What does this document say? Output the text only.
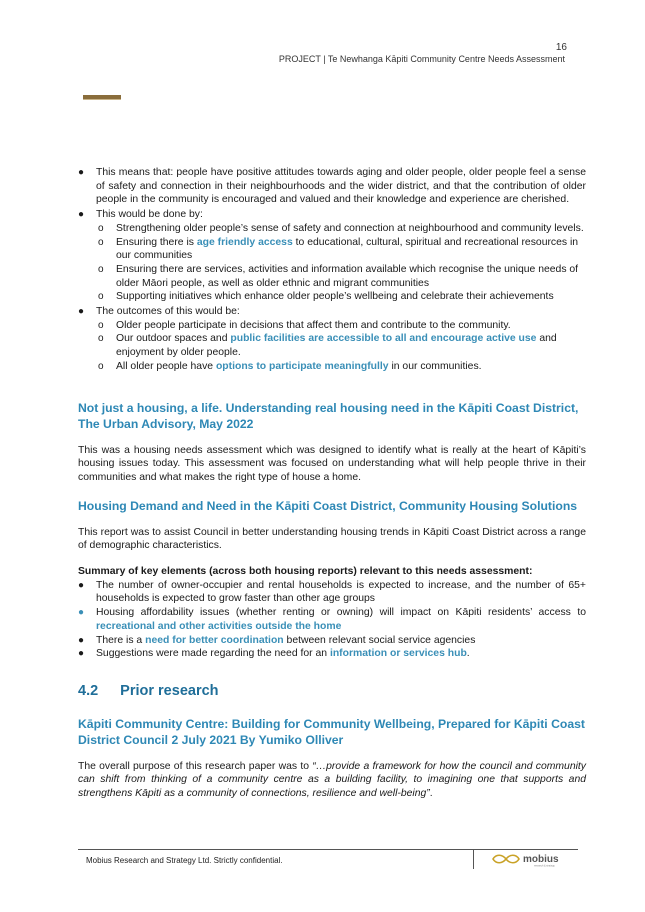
16
PROJECT | Te Newhanga Kāpiti Community Centre Needs Assessment
● This means that: people have positive attitudes towards aging and older people, older people feel a sense of safety and connection in their neighbourhoods and the wider district, and that the contribution of older people in the community is encouraged and valued and their knowledge and experience are cherished.
● This would be done by:
o Strengthening older people’s sense of safety and connection at neighbourhood and community levels.
o Ensuring there is age friendly access to educational, cultural, spiritual and recreational resources in our communities
o Ensuring there are services, activities and information available which recognise the unique needs of older Māori people, as well as older ethnic and migrant communities
o Supporting initiatives which enhance older people’s wellbeing and celebrate their achievements
● The outcomes of this would be:
o Older people participate in decisions that affect them and contribute to the community.
o Our outdoor spaces and public facilities are accessible to all and encourage active use and enjoyment by older people.
o All older people have options to participate meaningfully in our communities.
Not just a housing, a life. Understanding real housing need in the Kāpiti Coast District, The Urban Advisory, May 2022

This was a housing needs assessment which was designed to identify what is really at the heart of Kāpiti’s housing issues today. This assessment was focused on understanding what will help people thrive in their communities and what makes the right type of house a home.

Housing Demand and Need in the Kāpiti Coast District, Community Housing Solutions

This report was to assist Council in better understanding housing trends in Kāpiti Coast District across a range of demographic characteristics.

Summary of key elements (across both housing reports) relevant to this needs assessment:

● The number of owner-occupier and rental households is expected to increase, and the number of 65+ households is expected to grow faster than other age groups
● Housing affordability issues (whether renting or owning) will impact on Kāpiti residents’ access to recreational and other activities outside the home
● There is a need for better coordination between relevant social service agencies
● Suggestions were made regarding the need for an information or services hub.
4.2 Prior research
Kāpiti Community Centre: Building for Community Wellbeing, Prepared for Kāpiti Coast District Council 2 July 2021 By Yumiko Olliver

The overall purpose of this research paper was to “…provide a framework for how the council and community can shift from thinking of a community centre as a building facility, to imagining one that supports and strengthens Kāpiti as a community of connections, resilience and well-being”.

Mobius Research and Strategy Ltd. Strictly confidential.	mobius
research & strategy
